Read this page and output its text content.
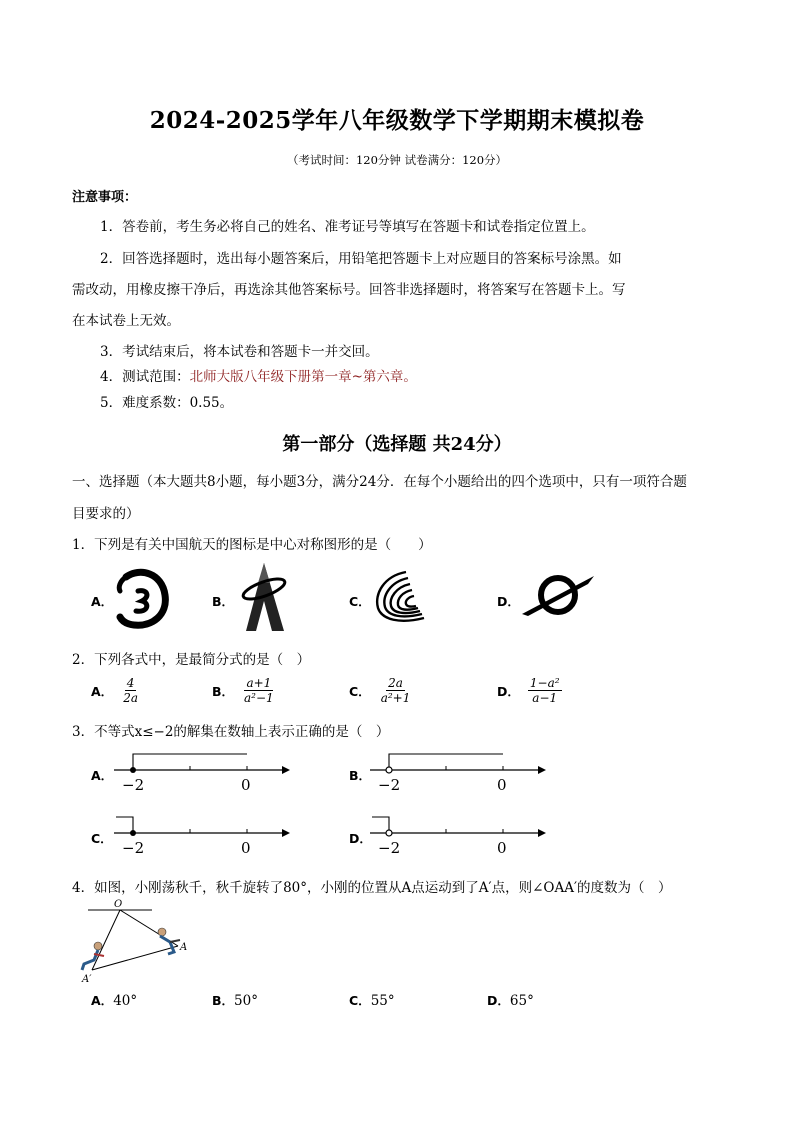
2024-2025学年八年级数学下学期期末模拟卷
（考试时间：120分钟 试卷满分：120分）
注意事项：
1．答卷前，考生务必将自己的姓名、准考证号等填写在答题卡和试卷指定位置上。
2．回答选择题时，选出每小题答案后，用铅笔把答题卡上对应题目的答案标号涂黑。如
需改动，用橡皮擦干净后，再选涂其他答案标号。回答非选择题时，将答案写在答题卡上。写
在本试卷上无效。
3．考试结束后，将本试卷和答题卡一并交回。
4．测试范围：北师大版八年级下册第一章~第六章。
5．难度系数：0.55。
第一部分（选择题 共24分）
一、选择题（本大题共8小题，每小题3分，满分24分．在每个小题给出的四个选项中，只有一项符合题
目要求的）
1．下列是有关中国航天的图标是中心对称图形的是（　　）
A．	B．	C．	D．
2．下列各式中，是最简分式的是（　）
A． $\frac{4}{2a}$	B． $\frac{a+1}{\text{a²−1}}$	C． $\frac{2a}{\text{a²+1}}$	D． $\frac{\text{1−a²}}{a-1}$
3．不等式x≤−2的解集在数轴上表示正确的是（　）
A．
−2	0
B．
−2	0
C．
−2	0
D．
−2	0
4．如图，小刚荡秋千，秋千旋转了80°，小刚的位置从A点运动到了A′点，则∠OAA′的度数为（　）
O
A
A′
A．40°	B．50°	C．55°	D．65°
